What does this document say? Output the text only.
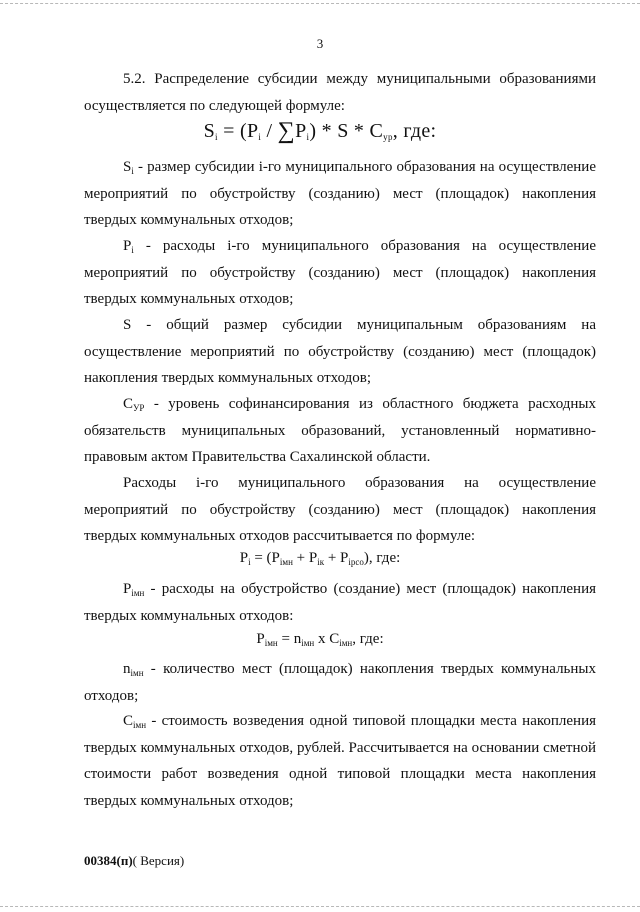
3

5.2. Распределение субсидии между муниципальными образованиями осуществляется по следующей формуле:

$S_i = (P_i / \sum P_i) * S * C_{ур}$, где:

$S_i$ - размер субсидии i-го муниципального образования на осуществление мероприятий по обустройству (созданию) мест (площадок) накопления твердых коммунальных отходов;

$P_i$ - расходы i-го муниципального образования на осуществление мероприятий по обустройству (созданию) мест (площадок) накопления твердых коммунальных отходов;

S - общий размер субсидии муниципальным образованиям на осуществление мероприятий по обустройству (созданию) мест (площадок) накопления твердых коммунальных отходов;

$C_{УР}$ - уровень софинансирования из областного бюджета расходных обязательств муниципальных образований, установленный нормативно-правовым актом Правительства Сахалинской области.

Расходы i-го муниципального образования на осуществление мероприятий по обустройству (созданию) мест (площадок) накопления твердых коммунальных отходов рассчитывается по формуле:

$P_i = (P_{iмн} + P_{iк} + P_{iрсо})$, где:

$P_{iмн}$ - расходы на обустройство (создание) мест (площадок) накопления твердых коммунальных отходов:

$P_{iмн} = n_{iмн}$ x $C_{iмн}$, где:

$n_{iмн}$ - количество мест (площадок) накопления твердых коммунальных отходов;

$C_{iмн}$ - стоимость возведения одной типовой площадки места накопления твердых коммунальных отходов, рублей. Рассчитывается на основании сметной стоимости работ возведения одной типовой площадки места накопления твердых коммунальных отходов;

00384(п)( Версия)
